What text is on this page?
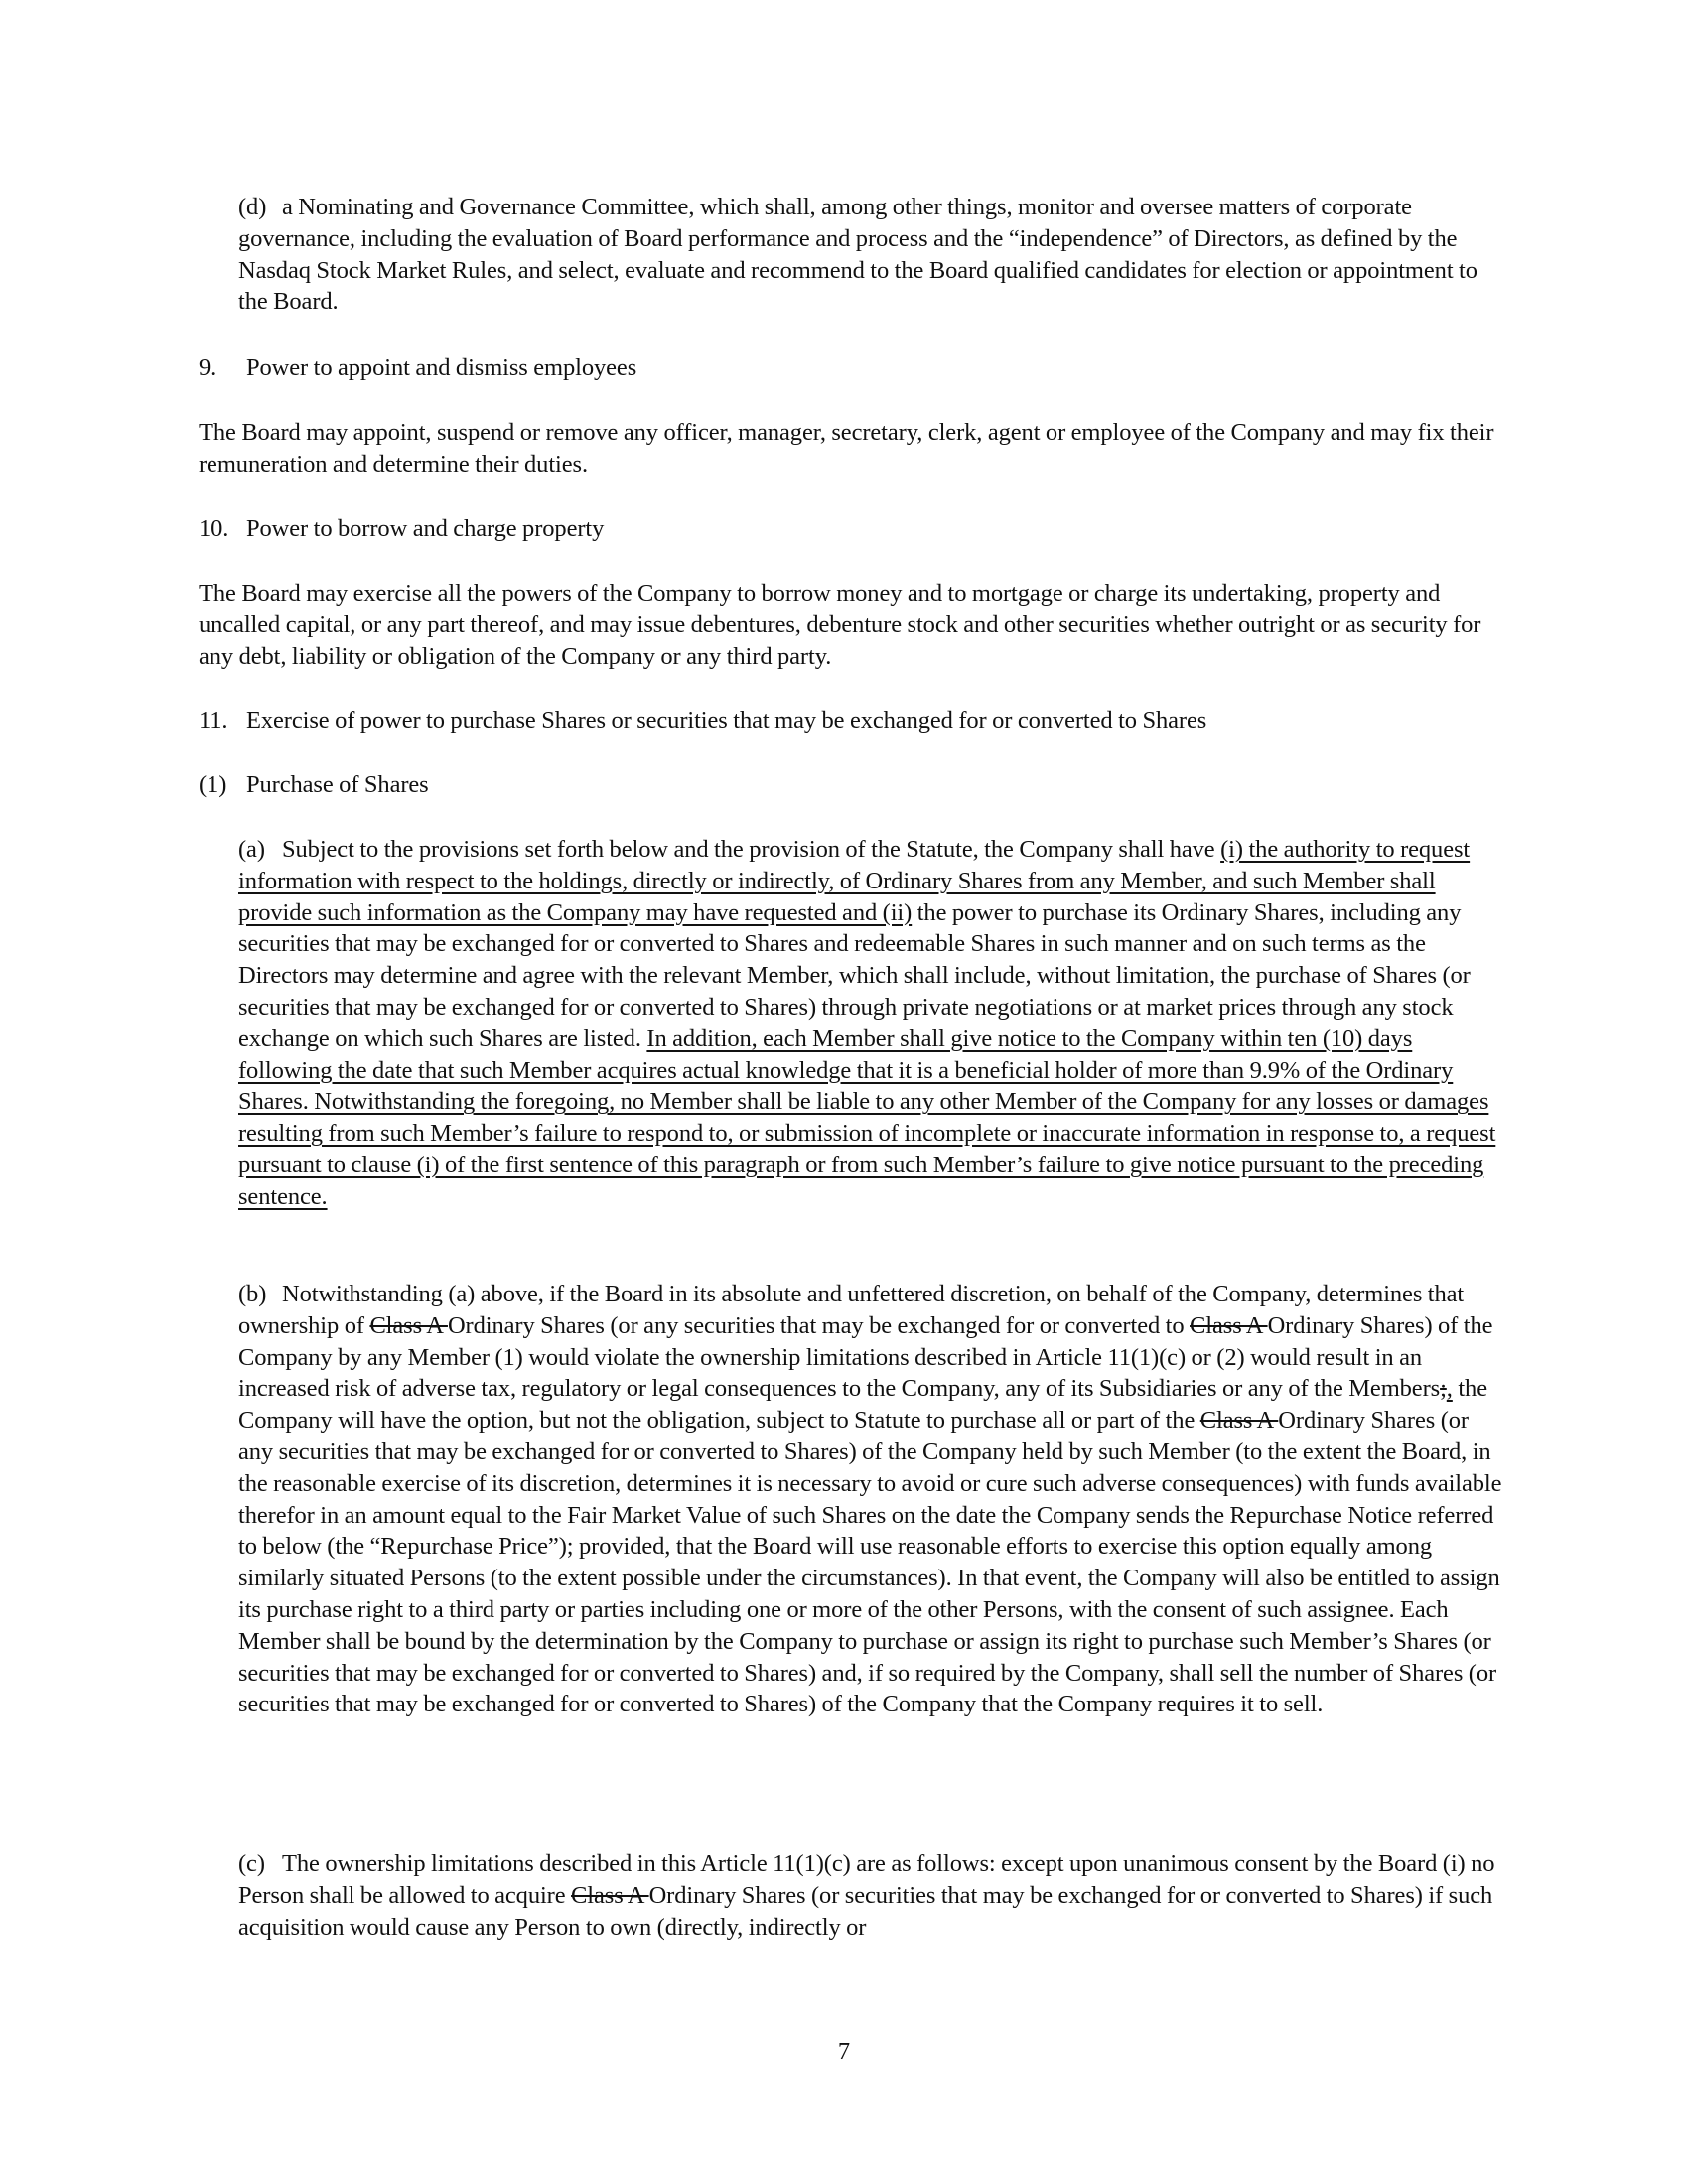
(d) a Nominating and Governance Committee, which shall, among other things, monitor and oversee matters of corporate governance, including the evaluation of Board performance and process and the “independence” of Directors, as defined by the Nasdaq Stock Market Rules, and select, evaluate and recommend to the Board qualified candidates for election or appointment to the Board.

9. Power to appoint and dismiss employees

The Board may appoint, suspend or remove any officer, manager, secretary, clerk, agent or employee of the Company and may fix their remuneration and determine their duties.

10. Power to borrow and charge property

The Board may exercise all the powers of the Company to borrow money and to mortgage or charge its undertaking, property and uncalled capital, or any part thereof, and may issue debentures, debenture stock and other securities whether outright or as security for any debt, liability or obligation of the Company or any third party.

11. Exercise of power to purchase Shares or securities that may be exchanged for or converted to Shares

(1) Purchase of Shares

(a) Subject to the provisions set forth below and the provision of the Statute, the Company shall have (i) the authority to request information with respect to the holdings, directly or indirectly, of Ordinary Shares from any Member, and such Member shall provide such information as the Company may have requested and (ii) the power to purchase its Ordinary Shares, including any securities that may be exchanged for or converted to Shares and redeemable Shares in such manner and on such terms as the Directors may determine and agree with the relevant Member, which shall include, without limitation, the purchase of Shares (or securities that may be exchanged for or converted to Shares) through private negotiations or at market prices through any stock exchange on which such Shares are listed. In addition, each Member shall give notice to the Company within ten (10) days following the date that such Member acquires actual knowledge that it is a beneficial holder of more than 9.9% of the Ordinary Shares. Notwithstanding the foregoing, no Member shall be liable to any other Member of the Company for any losses or damages resulting from such Member’s failure to respond to, or submission of incomplete or inaccurate information in response to, a request pursuant to clause (i) of the first sentence of this paragraph or from such Member’s failure to give notice pursuant to the preceding sentence.

(b) Notwithstanding (a) above, if the Board in its absolute and unfettered discretion, on behalf of the Company, determines that ownership of Class A Ordinary Shares (or any securities that may be exchanged for or converted to Class A Ordinary Shares) of the Company by any Member (1) would violate the ownership limitations described in Article 11(1)(c) or (2) would result in an increased risk of adverse tax, regulatory or legal consequences to the Company, any of its Subsidiaries or any of the Members;, the Company will have the option, but not the obligation, subject to Statute to purchase all or part of the Class A Ordinary Shares (or any securities that may be exchanged for or converted to Shares) of the Company held by such Member (to the extent the Board, in the reasonable exercise of its discretion, determines it is necessary to avoid or cure such adverse consequences) with funds available therefor in an amount equal to the Fair Market Value of such Shares on the date the Company sends the Repurchase Notice referred to below (the “Repurchase Price”); provided, that the Board will use reasonable efforts to exercise this option equally among similarly situated Persons (to the extent possible under the circumstances). In that event, the Company will also be entitled to assign its purchase right to a third party or parties including one or more of the other Persons, with the consent of such assignee. Each Member shall be bound by the determination by the Company to purchase or assign its right to purchase such Member’s Shares (or securities that may be exchanged for or converted to Shares) and, if so required by the Company, shall sell the number of Shares (or securities that may be exchanged for or converted to Shares) of the Company that the Company requires it to sell.

(c) The ownership limitations described in this Article 11(1)(c) are as follows: except upon unanimous consent by the Board (i) no Person shall be allowed to acquire Class A Ordinary Shares (or securities that may be exchanged for or converted to Shares) if such acquisition would cause any Person to own (directly, indirectly or

7
